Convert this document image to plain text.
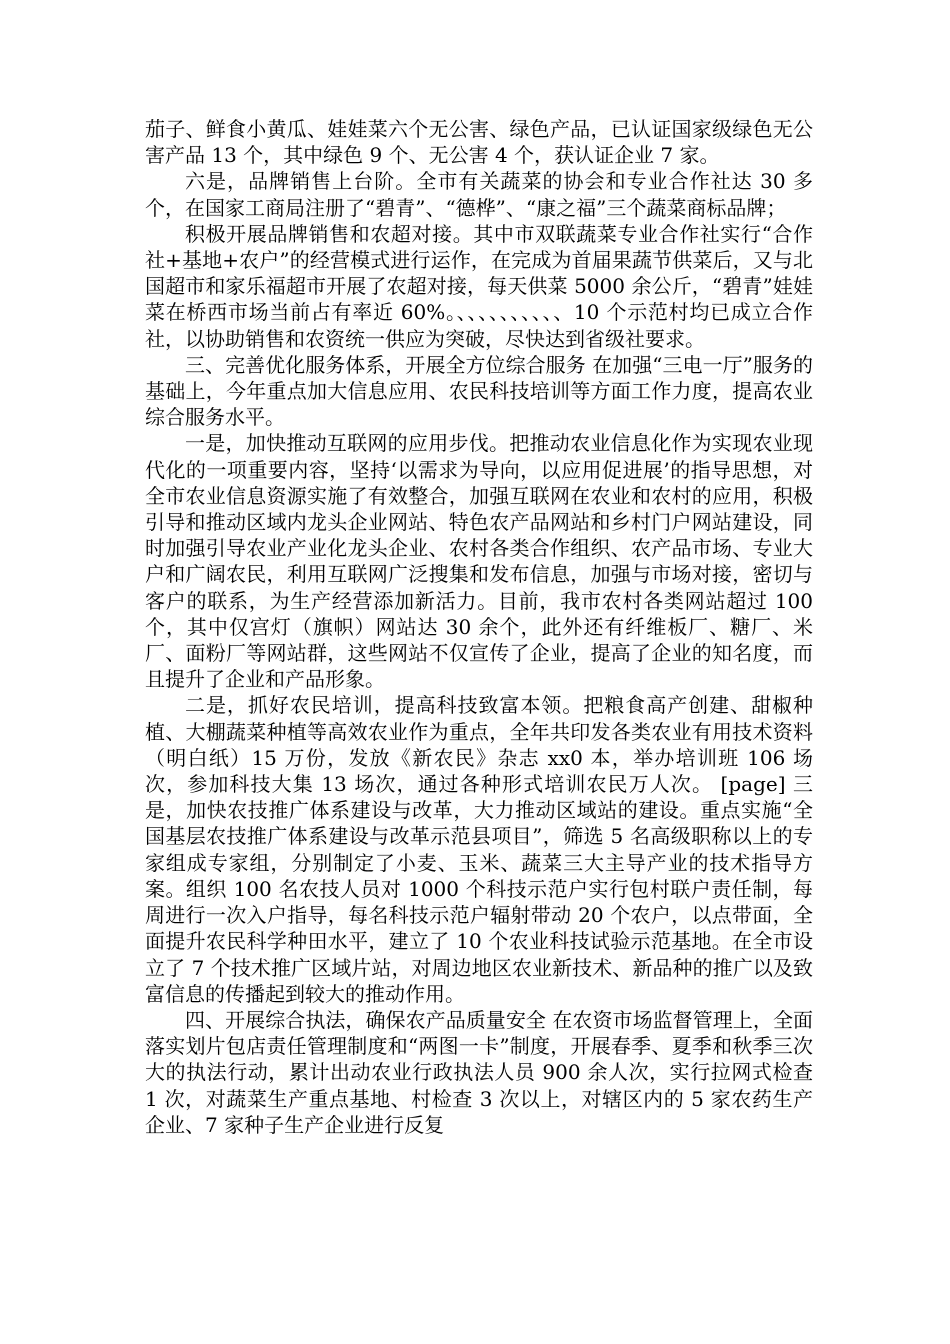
茄子、鲜食小黄瓜、娃娃菜六个无公害、绿色产品，已认证国家级绿色无公害产品 13 个，其中绿色 9 个、无公害 4 个，获认证企业 7 家。

六是，品牌销售上台阶。全市有关蔬菜的协会和专业合作社达 30 多个，在国家工商局注册了“碧青”、“德桦”、“康之福”三个蔬菜商标品牌；

积极开展品牌销售和农超对接。其中市双联蔬菜专业合作社实行“合作社+基地+农户”的经营模式进行运作，在完成为首届果蔬节供菜后，又与北国超市和家乐福超市开展了农超对接，每天供菜 5000 余公斤，“碧青”娃娃菜在桥西市场当前占有率近 60%。、、、、、、、、、、10 个示范村均已成立合作社，以协助销售和农资统一供应为突破，尽快达到省级社要求。

三、完善优化服务体系，开展全方位综合服务 在加强“三电一厅”服务的基础上，今年重点加大信息应用、农民科技培训等方面工作力度，提高农业综合服务水平。

一是，加快推动互联网的应用步伐。把推动农业信息化作为实现农业现代化的一项重要内容，坚持‘以需求为导向，以应用促进展’的指导思想，对全市农业信息资源实施了有效整合，加强互联网在农业和农村的应用，积极引导和推动区域内龙头企业网站、特色农产品网站和乡村门户网站建设，同时加强引导农业产业化龙头企业、农村各类合作组织、农产品市场、专业大户和广阔农民，利用互联网广泛搜集和发布信息，加强与市场对接，密切与客户的联系，为生产经营添加新活力。目前，我市农村各类网站超过 100 个，其中仅宫灯（旗帜）网站达 30 余个，此外还有纤维板厂、糖厂、米厂、面粉厂等网站群，这些网站不仅宣传了企业，提高了企业的知名度，而且提升了企业和产品形象。

二是，抓好农民培训，提高科技致富本领。把粮食高产创建、甜椒种植、大棚蔬菜种植等高效农业作为重点，全年共印发各类农业有用技术资料（明白纸）15 万份，发放《新农民》杂志 xx0 本，举办培训班 106 场次，参加科技大集 13 场次，通过各种形式培训农民万人次。 [page] 三是，加快农技推广体系建设与改革，大力推动区域站的建设。重点实施“全国基层农技推广体系建设与改革示范县项目”，筛选 5 名高级职称以上的专家组成专家组，分别制定了小麦、玉米、蔬菜三大主导产业的技术指导方案。组织 100 名农技人员对 1000 个科技示范户实行包村联户责任制，每周进行一次入户指导，每名科技示范户辐射带动 20 个农户，以点带面，全面提升农民科学种田水平，建立了 10 个农业科技试验示范基地。在全市设立了 7 个技术推广区域片站，对周边地区农业新技术、新品种的推广以及致富信息的传播起到较大的推动作用。

四、开展综合执法，确保农产品质量安全 在农资市场监督管理上，全面落实划片包店责任管理制度和“两图一卡”制度，开展春季、夏季和秋季三次大的执法行动，累计出动农业行政执法人员 900 余人次，实行拉网式检查 1 次，对蔬菜生产重点基地、村检查 3 次以上，对辖区内的 5 家农药生产企业、7 家种子生产企业进行反复
